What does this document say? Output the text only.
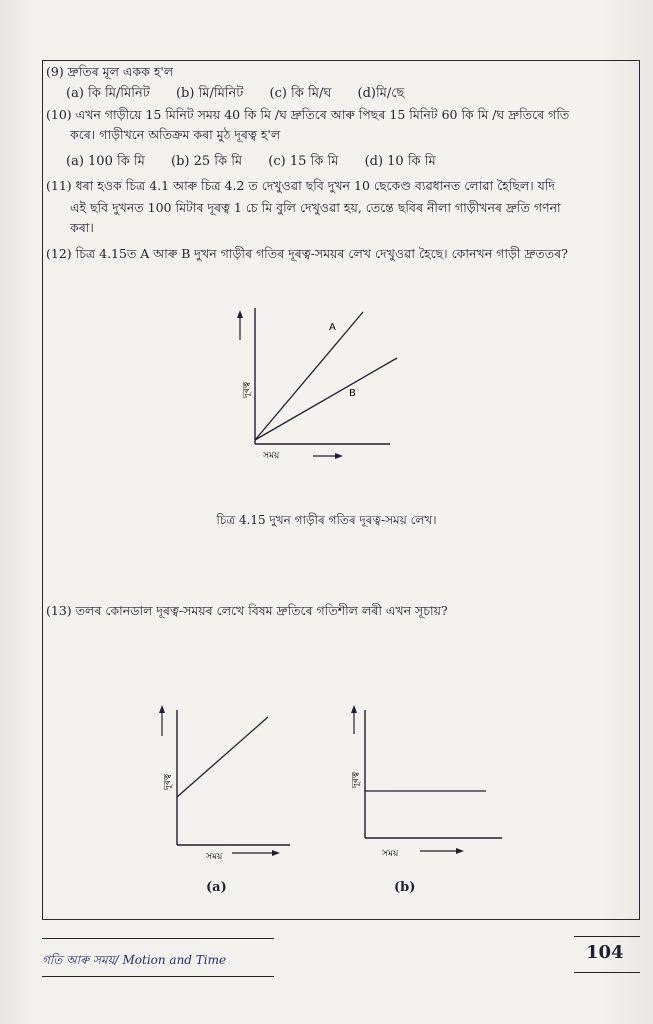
(9) দ্রুতিৰ মূল একক হ'ল
(a) কি মি/মিনিট (b) মি/মিনিট (c) কি মি/ঘ (d)মি/ছে
(10) এখন গাড়ীয়ে 15 মিনিট সময় 40 কি মি /ঘ দ্রুতিৰে আৰু পিছৰ 15 মিনিট 60 কি মি /ঘ দ্রুতিৰে গতি
কৰে। গাড়ীখনে অতিক্ৰম কৰা মুঠ দূৰত্ব হ'ল
(a) 100 কি মি (b) 25 কি মি (c) 15 কি মি (d) 10 কি মি
(11) ধৰা হওক চিত্ৰ 4.1 আৰু চিত্ৰ 4.2 ত দেখুওৱা ছবি দুখন 10 ছেকেণ্ড ব্যৱধানত লোৱা হৈছিল। যদি
এই ছবি দুখনত 100 মিটাৰ দূৰত্ব 1 চে মি বুলি দেখুওৱা হয়, তেন্তে ছবিৰ নীলা গাড়ীখনৰ দ্রুতি গণনা
কৰা।
(12) চিত্ৰ 4.15ত A আৰু B দুখন গাড়ীৰ গতিৰ দূৰত্ব-সময়ৰ লেখ দেখুওৱা হৈছে। কোনখন গাড়ী দ্রুততৰ?
A
B
দূৰত্ব
সময়
চিত্ৰ 4.15 দুখন গাড়ীৰ গতিৰ দূৰত্ব-সময় লেখ।
(13) তলৰ কোনডাল দূৰত্ব-সময়ৰ লেখে বিষম দ্রুতিৰে গতিশীল লৰী এখন সূচায়?
দূৰত্ব
সময়
(a)
দূৰত্ব
সময়
(b)
গতি আৰু সময়/ Motion and Time	104
